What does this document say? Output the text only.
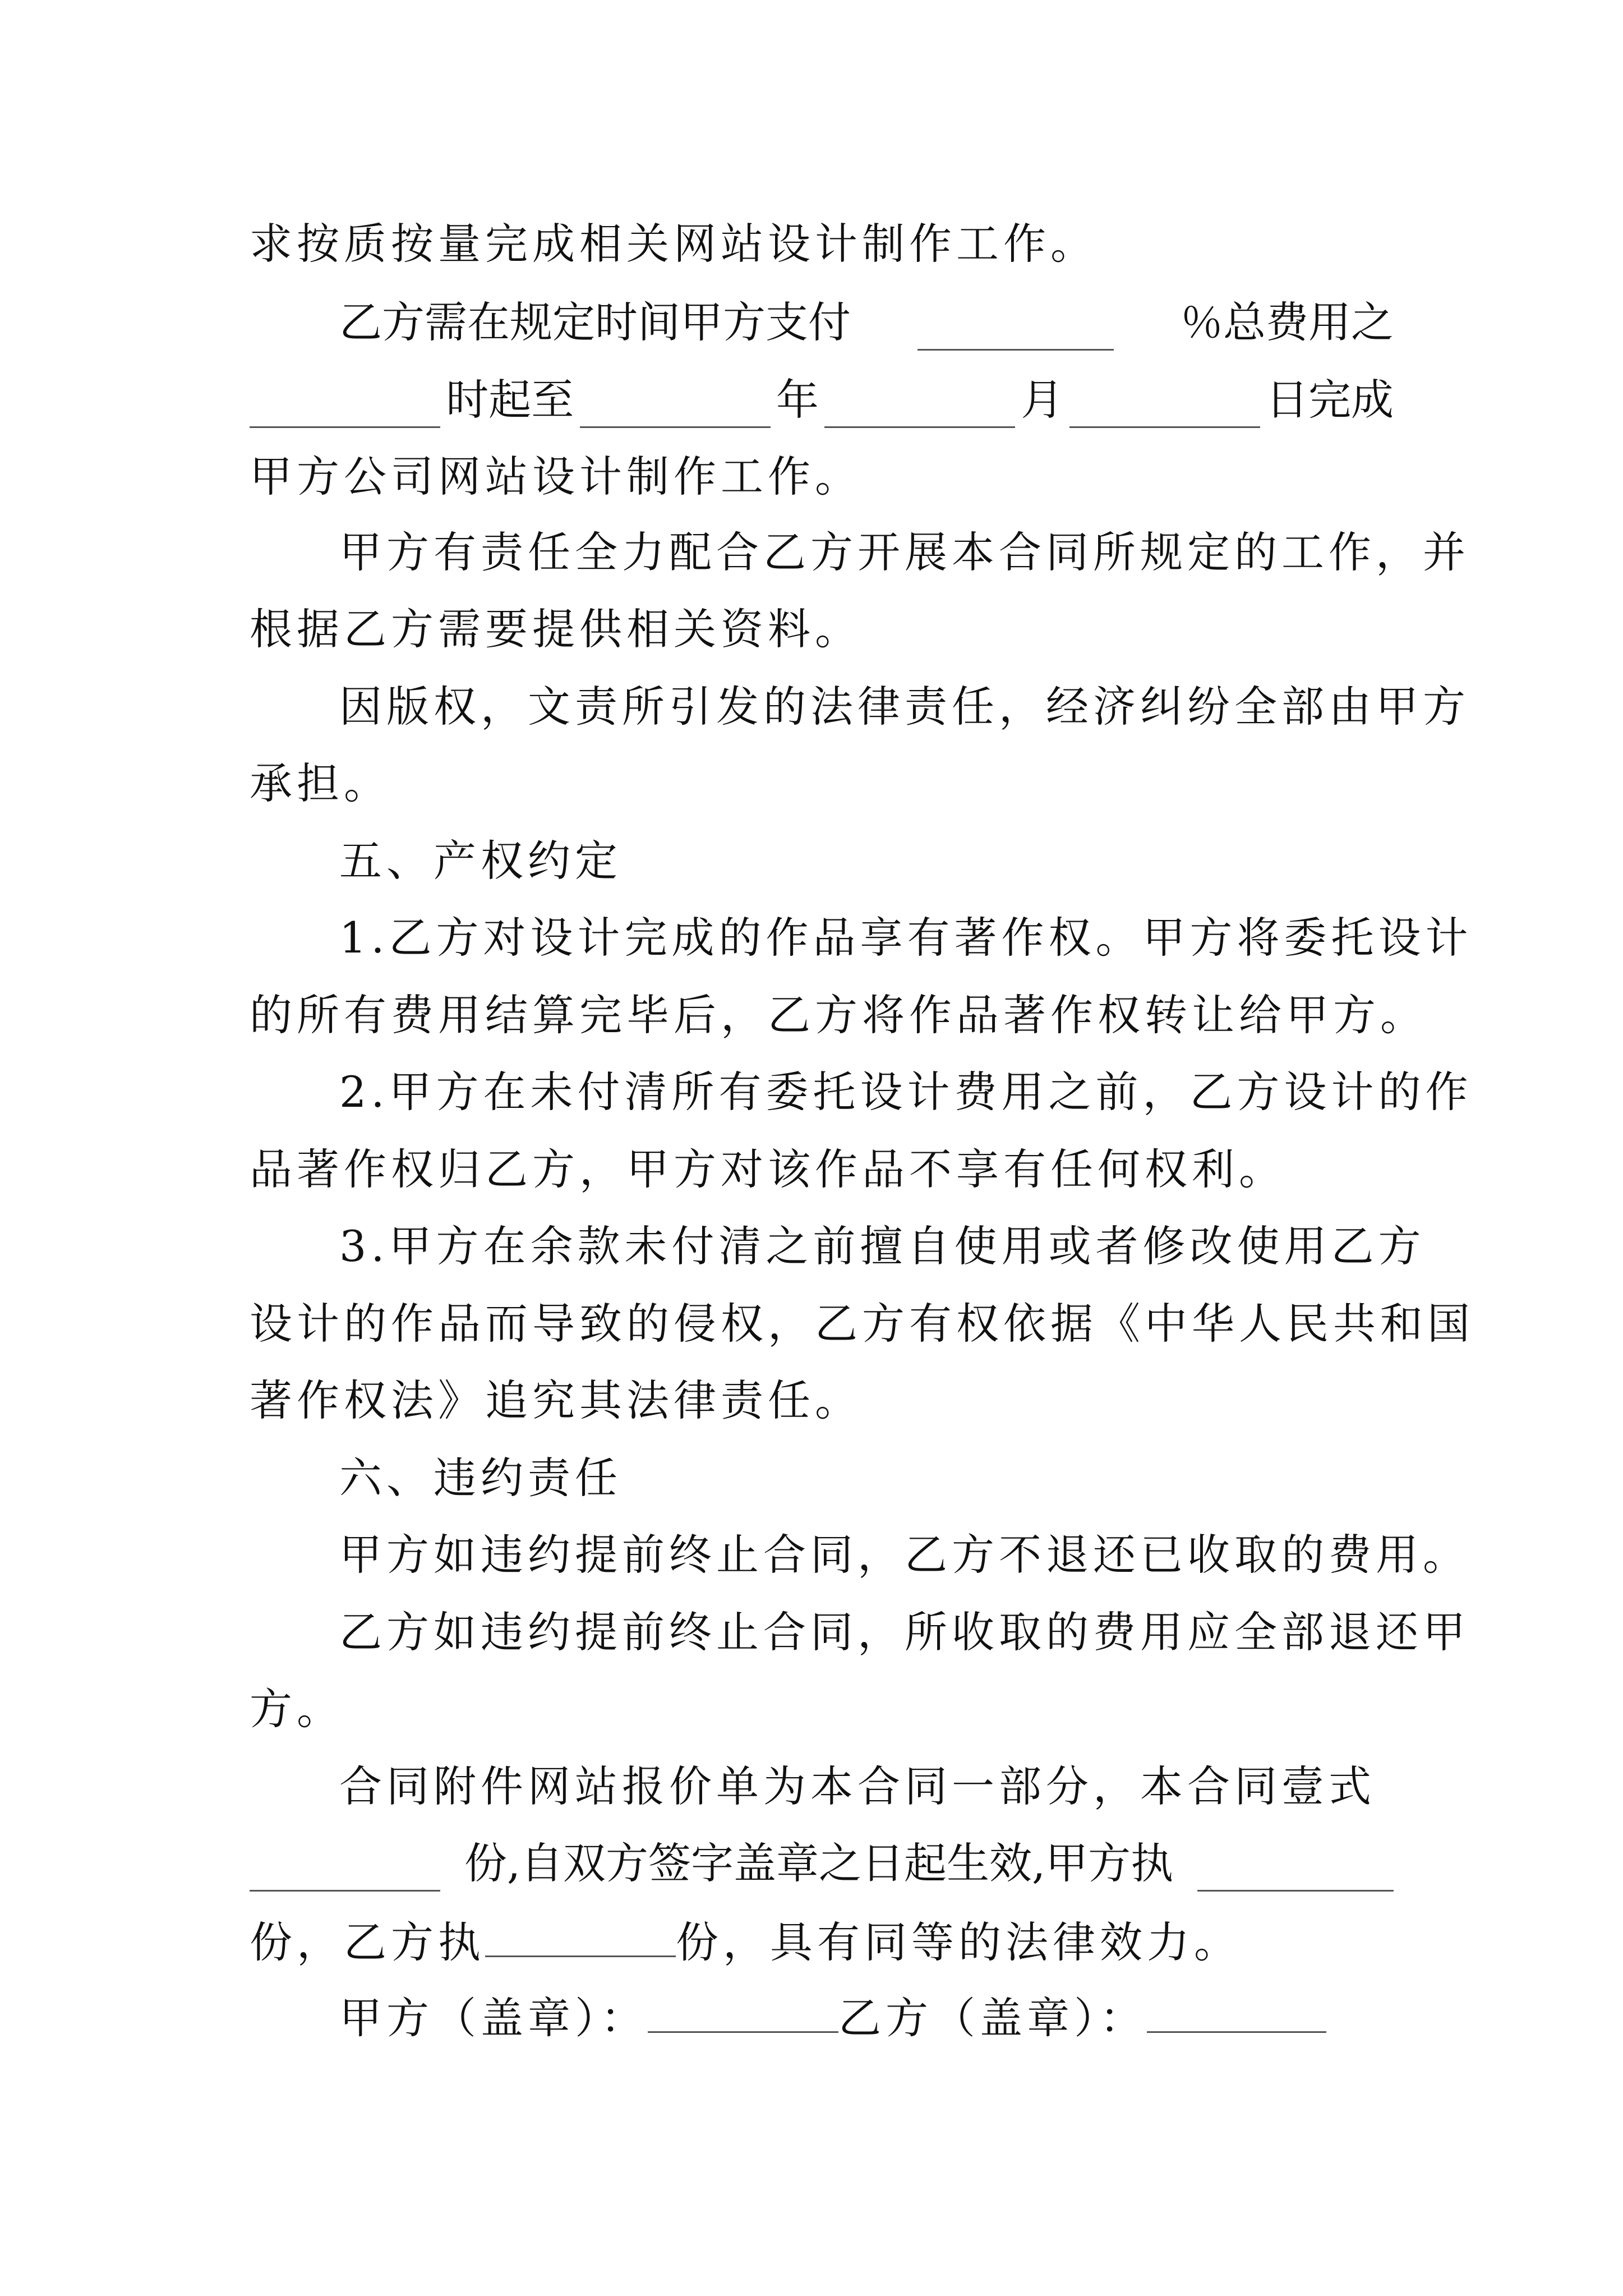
求按质按量完成相关网站设计制作工作。
乙方需在规定时间甲方支付	％总费用之
时起至	年	月	日完成
甲方公司网站设计制作工作。
甲方有责任全力配合乙方开展本合同所规定的工作，并
根据乙方需要提供相关资料。
因版权，文责所引发的法律责任，经济纠纷全部由甲方
承担。
五、产权约定
1.乙方对设计完成的作品享有著作权。甲方将委托设计
的所有费用结算完毕后，乙方将作品著作权转让给甲方。
2.甲方在未付清所有委托设计费用之前，乙方设计的作
品著作权归乙方，甲方对该作品不享有任何权利。
3.甲方在余款未付清之前擅自使用或者修改使用乙方
设计的作品而导致的侵权，乙方有权依据《中华人民共和国
著作权法》追究其法律责任。
六、违约责任
甲方如违约提前终止合同，乙方不退还已收取的费用。
乙方如违约提前终止合同，所收取的费用应全部退还甲
方。
合同附件网站报价单为本合同一部分，本合同壹式
份,自双方签字盖章之日起生效,甲方执
份，乙方执	份，具有同等的法律效力。
甲方（盖章）：	乙方（盖章）：
